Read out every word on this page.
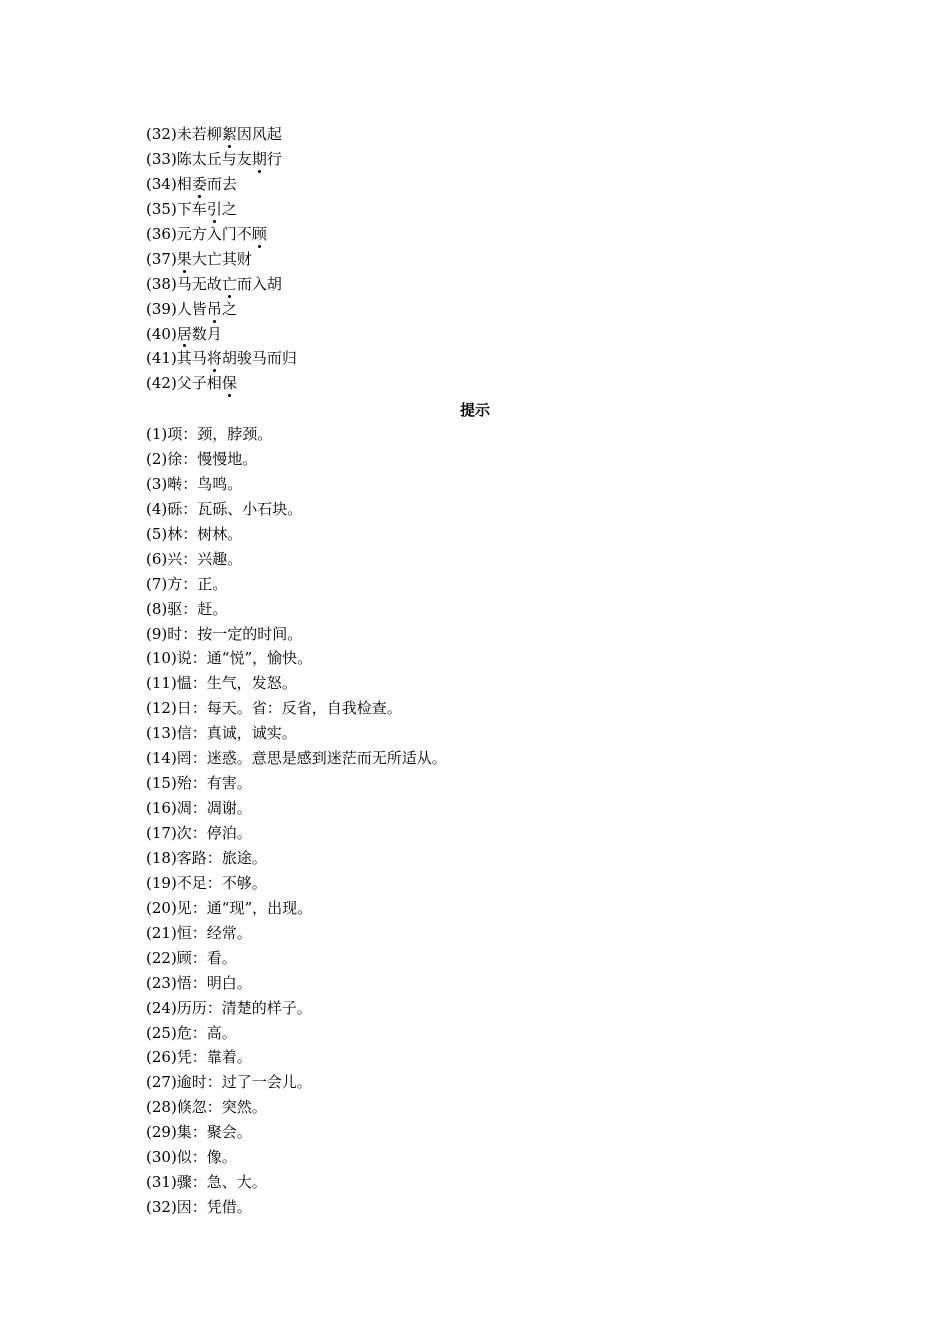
(32)未若柳絮因风起
(33)陈太丘与友期行
(34)相委而去
(35)下车引之
(36)元方入门不顾
(37)果大亡其财
(38)马无故亡而入胡
(39)人皆吊之
(40)居数月
(41)其马将胡骏马而归
(42)父子相保
提示
(1)项：颈，脖颈。
(2)徐：慢慢地。
(3)啭：鸟鸣。
(4)砾：瓦砾、小石块。
(5)林：树林。
(6)兴：兴趣。
(7)方：正。
(8)驱：赶。
(9)时：按一定的时间。
(10)说：通“悦”，愉快。
(11)愠：生气，发怒。
(12)日：每天。省：反省，自我检查。
(13)信：真诚，诚实。
(14)罔：迷惑。意思是感到迷茫而无所适从。
(15)殆：有害。
(16)凋：凋谢。
(17)次：停泊。
(18)客路：旅途。
(19)不足：不够。
(20)见：通“现”，出现。
(21)恒：经常。
(22)顾：看。
(23)悟：明白。
(24)历历：清楚的样子。
(25)危：高。
(26)凭：靠着。
(27)逾时：过了一会儿。
(28)倏忽：突然。
(29)集：聚会。
(30)似：像。
(31)骤：急、大。
(32)因：凭借。
